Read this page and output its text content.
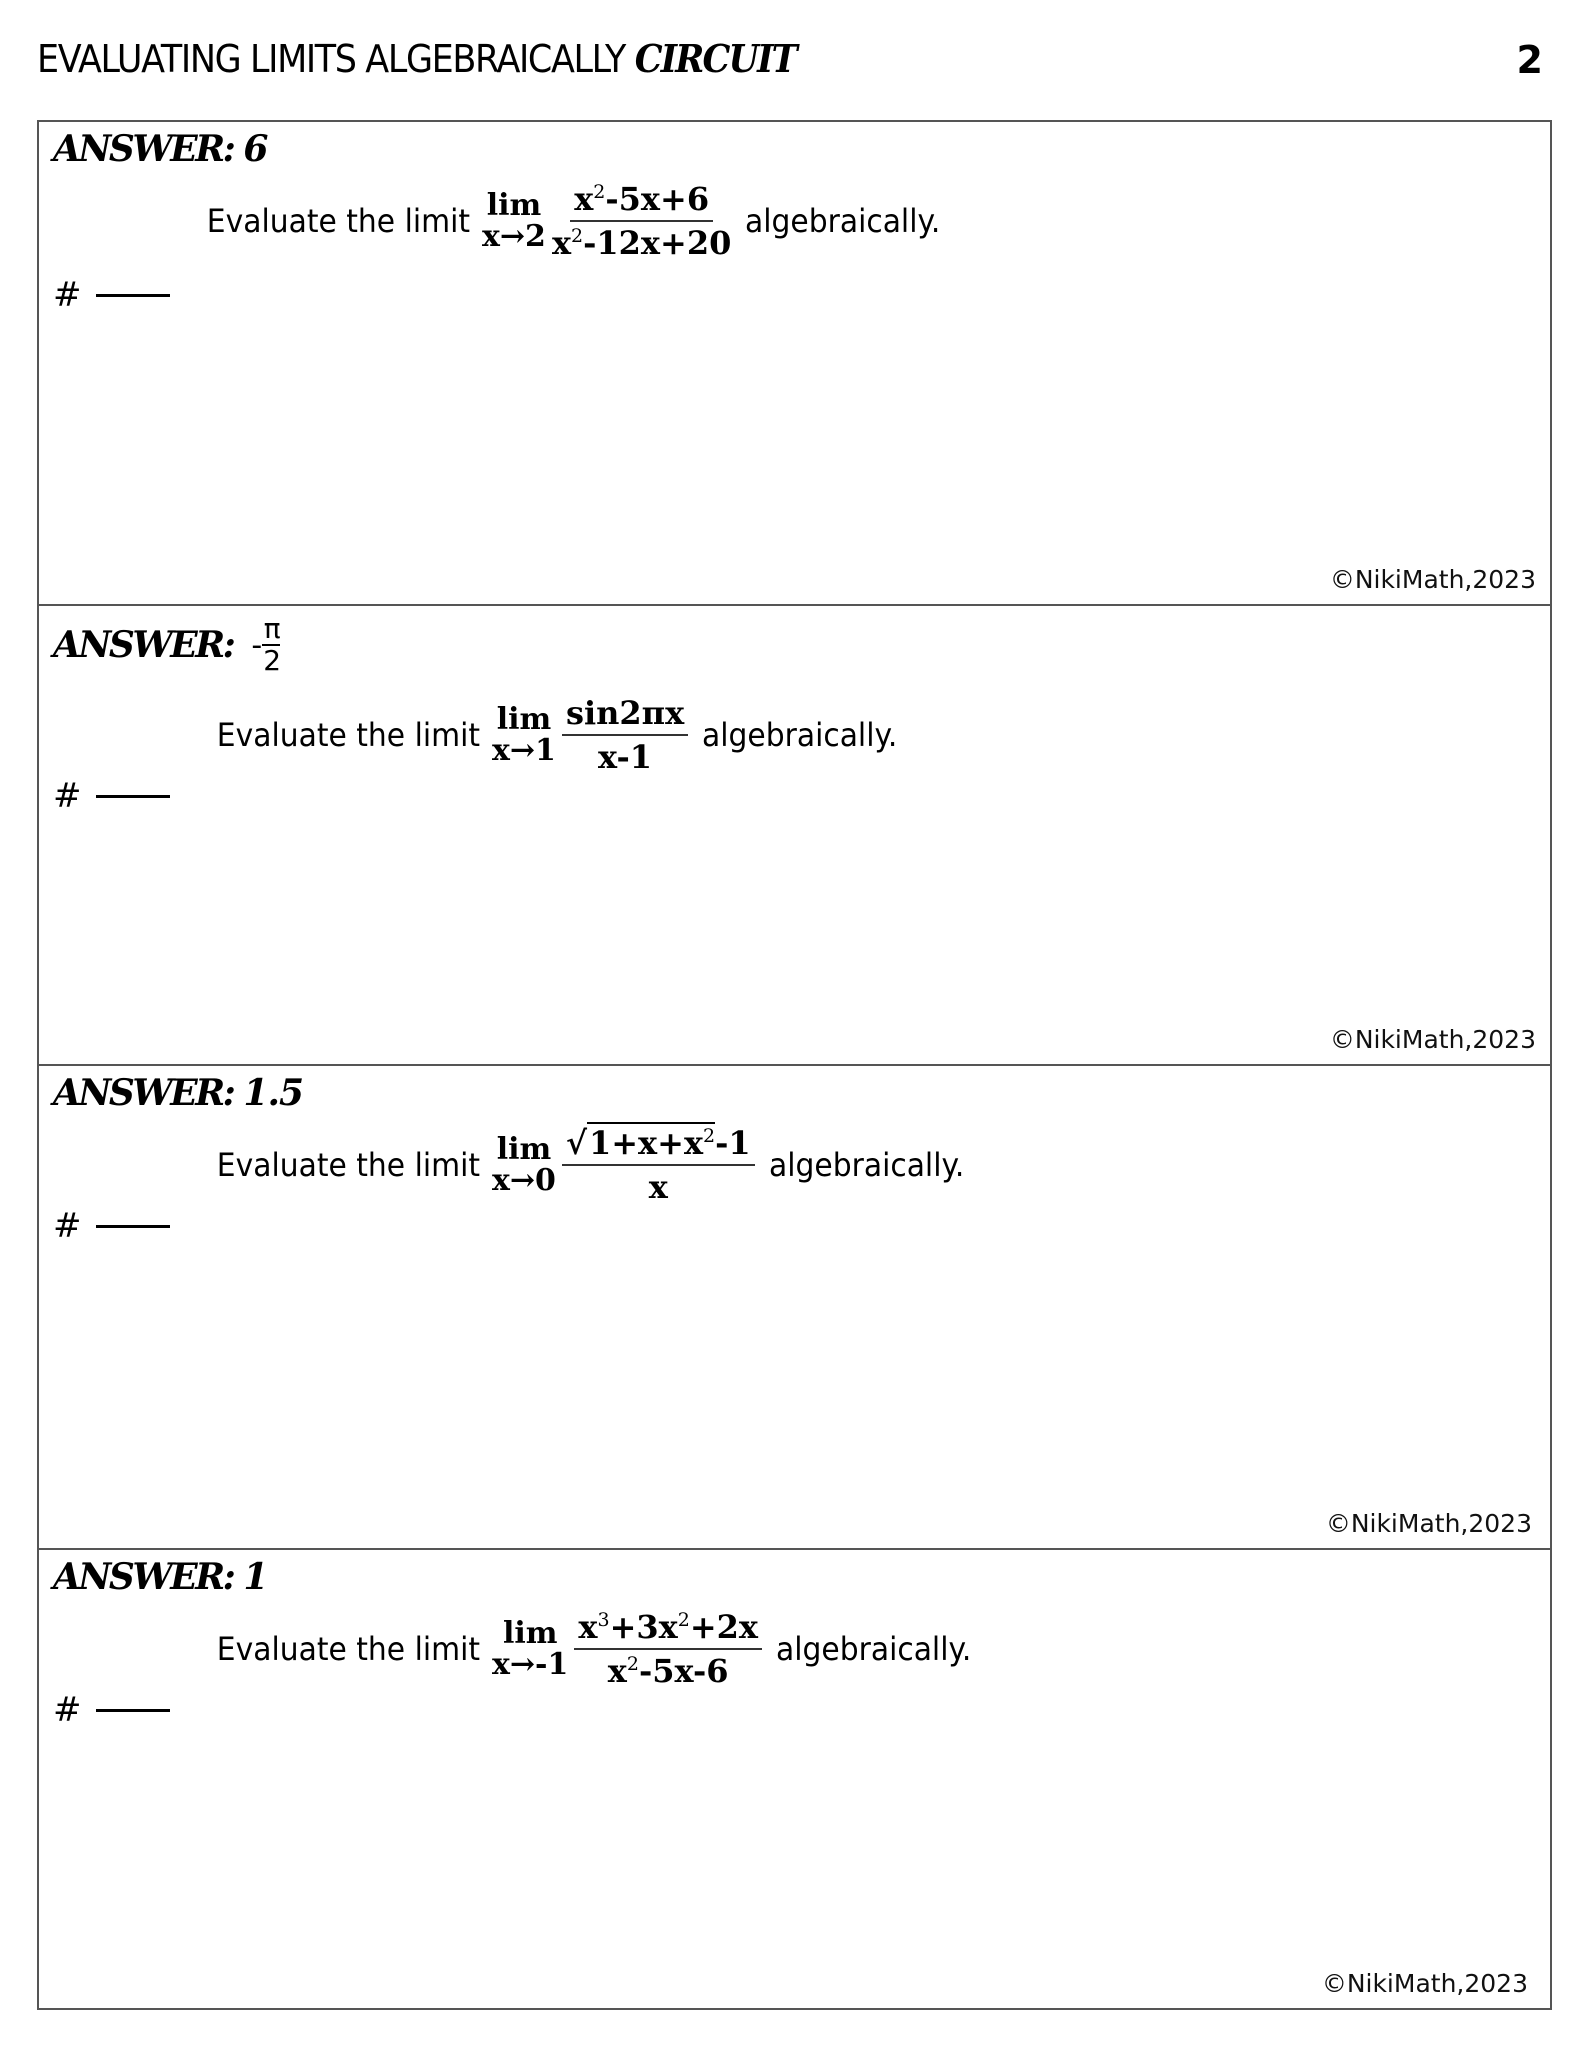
EVALUATING LIMITS ALGEBRAICALLY CIRCUIT	2
ANSWER: 6
Evaluate the limit lim
$x\to 2 \frac{x^2-5x+6}{x^2-12x+20}$ algebraically.
#
©NikiMath,2023
ANSWER: - $\frac{\pi}{2}$
Evaluate the limit lim
$x\to 1 \frac{\sin 2\pi x}{x-1}$ algebraically.
#
©NikiMath,2023
ANSWER: 1.5
Evaluate the limit lim
$x\to 0 \frac{√1+x+x^2-1}{x}$ algebraically.
#
©NikiMath,2023
ANSWER: 1
Evaluate the limit lim
$x\to-1 \frac{x^3+3x^2+2x}{x^2-5x-6}$ algebraically.
#
©NikiMath,2023
